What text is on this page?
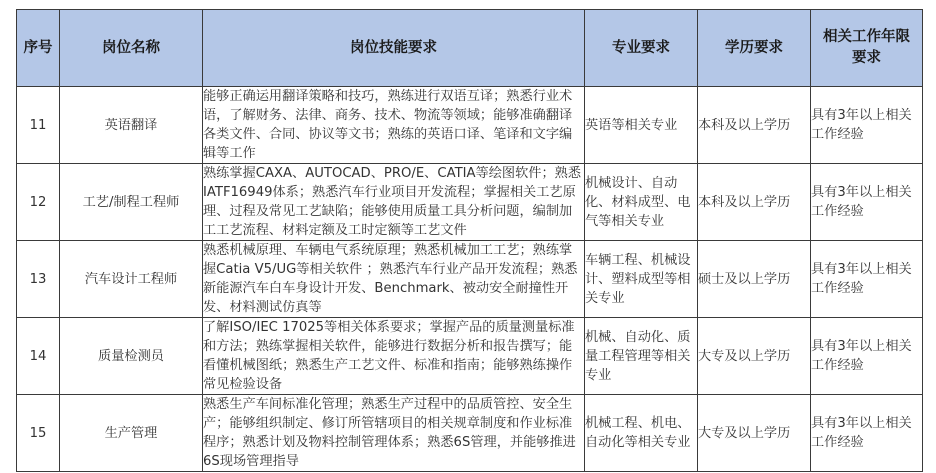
序号	岗位名称	岗位技能要求	专业要求	学历要求	相关工作年限要求
11	英语翻译	能够正确运用翻译策略和技巧，熟练进行双语互译；熟悉行业术语，了解财务、法律、商务、技术、物流等领域；能够准确翻译各类文件、合同、协议等文书；熟练的英语口译、笔译和文字编辑等工作	英语等相关专业	本科及以上学历	具有3年以上相关工作经验
12	工艺/制程工程师	熟练掌握CAXA、AUTOCAD、PRO/E、CATIA等绘图软件；熟悉IATF16949体系；熟悉汽车行业项目开发流程；掌握相关工艺原理、过程及常见工艺缺陷；能够使用质量工具分析问题，编制加工工艺流程、材料定额及工时定额等工艺文件	机械设计、自动化、材料成型、电气等相关专业	本科及以上学历	具有3年以上相关工作经验
13	汽车设计工程师	熟悉机械原理、车辆电气系统原理；熟悉机械加工工艺；熟练掌握Catia V5/UG等相关软件 ；熟悉汽车行业产品开发流程；熟悉新能源汽车白车身设计开发、Benchmark、被动安全耐撞性开发、材料测试仿真等	车辆工程、机械设计、塑料成型等相关专业	硕士及以上学历	具有3年以上相关工作经验
14	质量检测员	了解ISO/IEC 17025等相关体系要求；掌握产品的质量测量标准和方法；熟练掌握相关软件，能够进行数据分析和报告撰写；能看懂机械图纸；熟悉生产工艺文件、标准和指南；能够熟练操作常见检验设备	机械、自动化、质量工程管理等相关专业	大专及以上学历	具有3年以上相关工作经验
15	生产管理	熟悉生产车间标准化管理；熟悉生产过程中的品质管控、安全生产；能够组织制定、修订所管辖项目的相关规章制度和作业标准程序；熟悉计划及物料控制管理体系；熟悉6S管理，并能够推进6S现场管理指导	机械工程、机电、自动化等相关专业	大专及以上学历	具有3年以上相关工作经验
